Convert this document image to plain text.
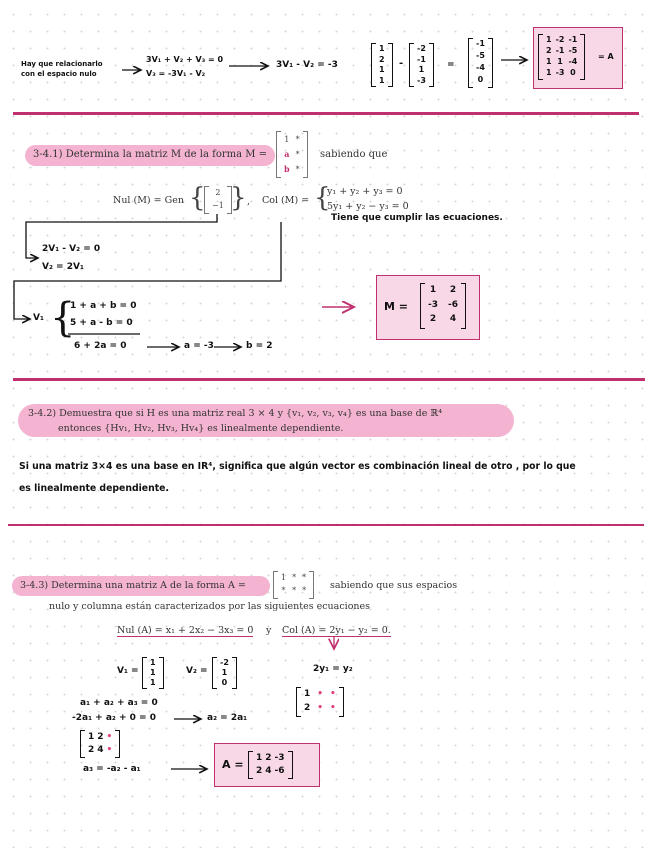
Hay que relacionarlo
con el espacio nulo
3V₁ + V₂ + V₃ = 0
V₃ = -3V₁ - V₂
3V₁ - V₂ = -3
1
2
1
1
-
-2
-1
1
-3
=
-1
-5
-4
0
1 -2 -1
2 -1 -5
1 1 -4
1 -3 0
= A
3-4.1) Determina la matriz M de la forma M =
1 *
a *
b *
sabiendo que
Nul (M) = Gen {	2
−1 } , Col (M) = {
y₁ + y₂ + y₃ = 0
5y₁ + y₂ − y₃ = 0
Tiene que cumplir las ecuaciones.
2V₁ - V₂ = 0
V₂ = 2V₁
V₁ {
1 + a + b = 0
5 + a - b = 0
6 + 2a = 0	a = -3	b = 2
M =
1 2
-3 -6
2 4
3-4.2) Demuestra que si H es una matriz real 3 × 4 y {v₁, v₂, v₃, v₄} es una base de ℝ⁴
entonces {Hv₁, Hv₂, Hv₃, Hv₄} es linealmente dependiente.
Si una matriz 3×4 es una base en IR⁴, significa que algún vector es combinación lineal de otro , por lo que
es linealmente dependiente.
3-4.3) Determina una matriz A de la forma A =
1 * *
* * *	sabiendo que sus espacios
nulo y columna están caracterizados por las siguientes ecuaciones
Nul (A) = x₁ + 2x₂ − 3x₃ = 0 y Col (A) = 2y₁ − y₂ = 0.
V₁ =
1
1
1
V₂ =
-2
1
0
2y₁ = y₂
1 • •
2 • •
a₁ + a₂ + a₃ = 0
-2a₁ + a₂ + 0 = 0	a₂ = 2a₁
1 2 •
2 4 •
a₃ = -a₂ - a₁	A = 1 2 -3
2 4 -6
